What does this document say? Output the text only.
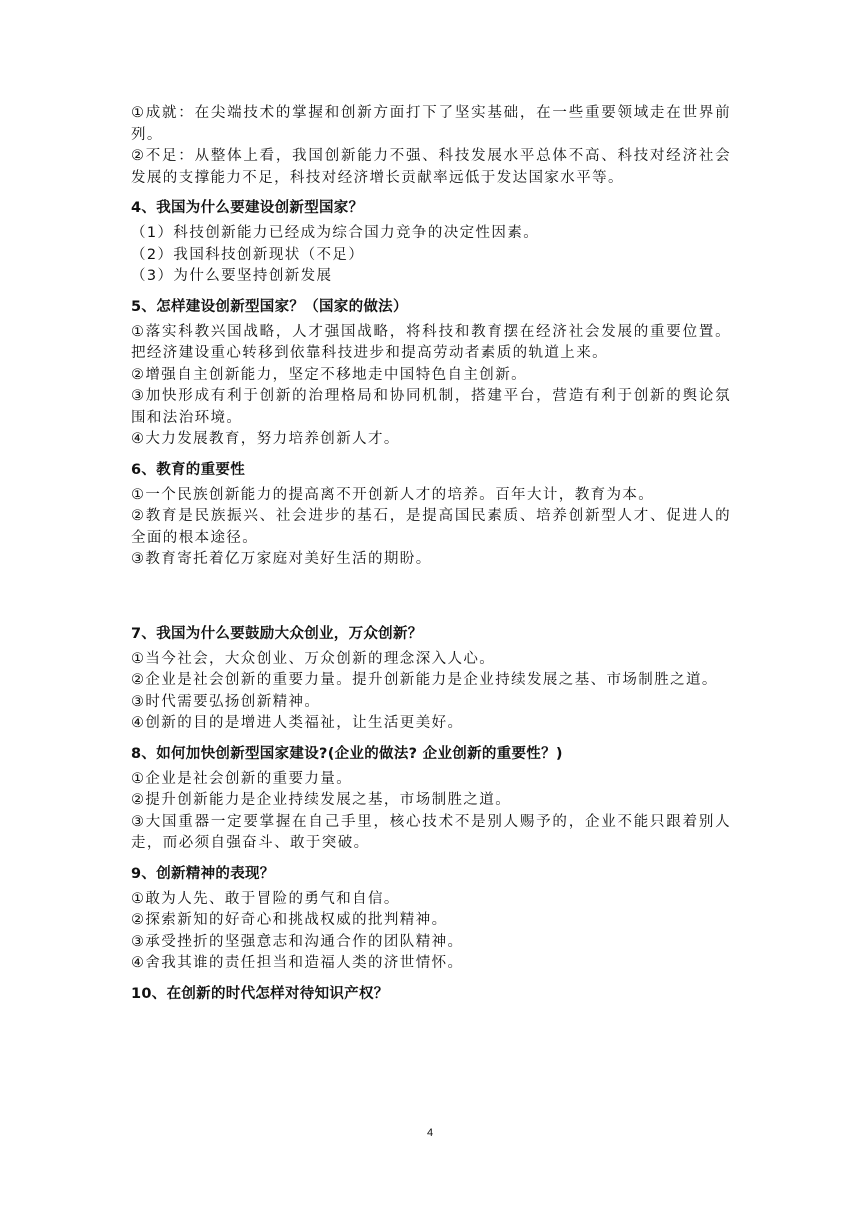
①成就：在尖端技术的掌握和创新方面打下了坚实基础，在一些重要领域走在世界前列。

②不足：从整体上看，我国创新能力不强、科技发展水平总体不高、科技对经济社会发展的支撑能力不足，科技对经济增长贡献率远低于发达国家水平等。

4、我国为什么要建设创新型国家？

（1）科技创新能力已经成为综合国力竞争的决定性因素。

（2）我国科技创新现状（不足）

（3）为什么要坚持创新发展

5、怎样建设创新型国家？（国家的做法）

①落实科教兴国战略，人才强国战略，将科技和教育摆在经济社会发展的重要位置。把经济建设重心转移到依靠科技进步和提高劳动者素质的轨道上来。

②增强自主创新能力，坚定不移地走中国特色自主创新。

③加快形成有利于创新的治理格局和协同机制，搭建平台，营造有利于创新的舆论氛围和法治环境。

④大力发展教育，努力培养创新人才。

6、教育的重要性

①一个民族创新能力的提高离不开创新人才的培养。百年大计，教育为本。

②教育是民族振兴、社会进步的基石，是提高国民素质、培养创新型人才、促进人的全面的根本途径。

③教育寄托着亿万家庭对美好生活的期盼。

7、我国为什么要鼓励大众创业，万众创新？

①当今社会，大众创业、万众创新的理念深入人心。

②企业是社会创新的重要力量。提升创新能力是企业持续发展之基、市场制胜之道。

③时代需要弘扬创新精神。

④创新的目的是增进人类福祉，让生活更美好。

8、如何加快创新型国家建设?(企业的做法? 企业创新的重要性？)

①企业是社会创新的重要力量。

②提升创新能力是企业持续发展之基，市场制胜之道。

③大国重器一定要掌握在自己手里，核心技术不是别人赐予的，企业不能只跟着别人走，而必须自强奋斗、敢于突破。

9、创新精神的表现？

①敢为人先、敢于冒险的勇气和自信。

②探索新知的好奇心和挑战权威的批判精神。

③承受挫折的坚强意志和沟通合作的团队精神。

④舍我其谁的责任担当和造福人类的济世情怀。

10、在创新的时代怎样对待知识产权？

4
